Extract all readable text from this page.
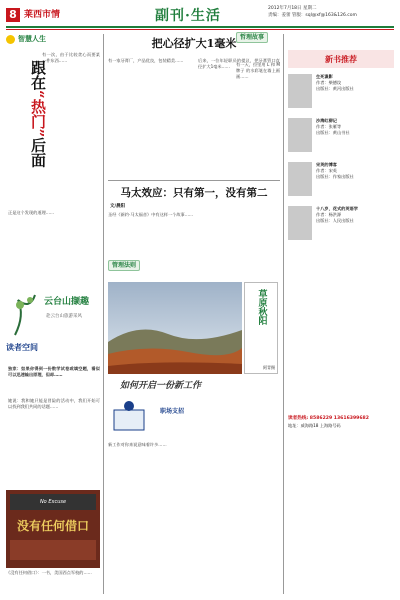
8 莱西市情	副刊·生活	2012年7月18日 星期二
责编：姜蕾 管服：sql@xf@163&126.com
智慧人生
跟在“热门”后面
有一次，由于比较贪心而要某一件东西……
正是这个发现的道理……
云台山撷趣
赴云台山旅游采风
读者空间
独家：如果你得到一份数学试卷或填空题，看似可以迅速输出原理，但却……
她说：我和她只能是冒险的活动中，我们开始可以找到我们共同的话题……
No Excuse
没有任何借口
《没有任何借口》：一书，美国西点军校的……
把心径扩大1毫米
有一家牙膏厂，产品优良，包装精美……	后来，一位年轻职员的提议，把牙膏管口直径扩大1毫米……
马太效应：只有第一，没有第二
文/晨阳
圣经《新约·马太福音》中有这样一个故事……
管理法则
草原秋阳
阿青摄
如何开启一份新工作
职场支招
新工作对你来说意味着许多……
哲理故事
有一天，拉里用 L 和 M 牌子 的水彩笔在墙上画画……
新书推荐
生死谍影
作者：柴德纹
出版社：黄河出版社
沙海红柳记
作者：张雁等
出版社：黄山书社
宋英的博客
作者：宋英
出版社：作家出版社
十八岁，花式的英语学
作者：杨洪源
出版社：人民出版社
读者热线: 8586229 13616399682
地址：威海路18 上海路号码
